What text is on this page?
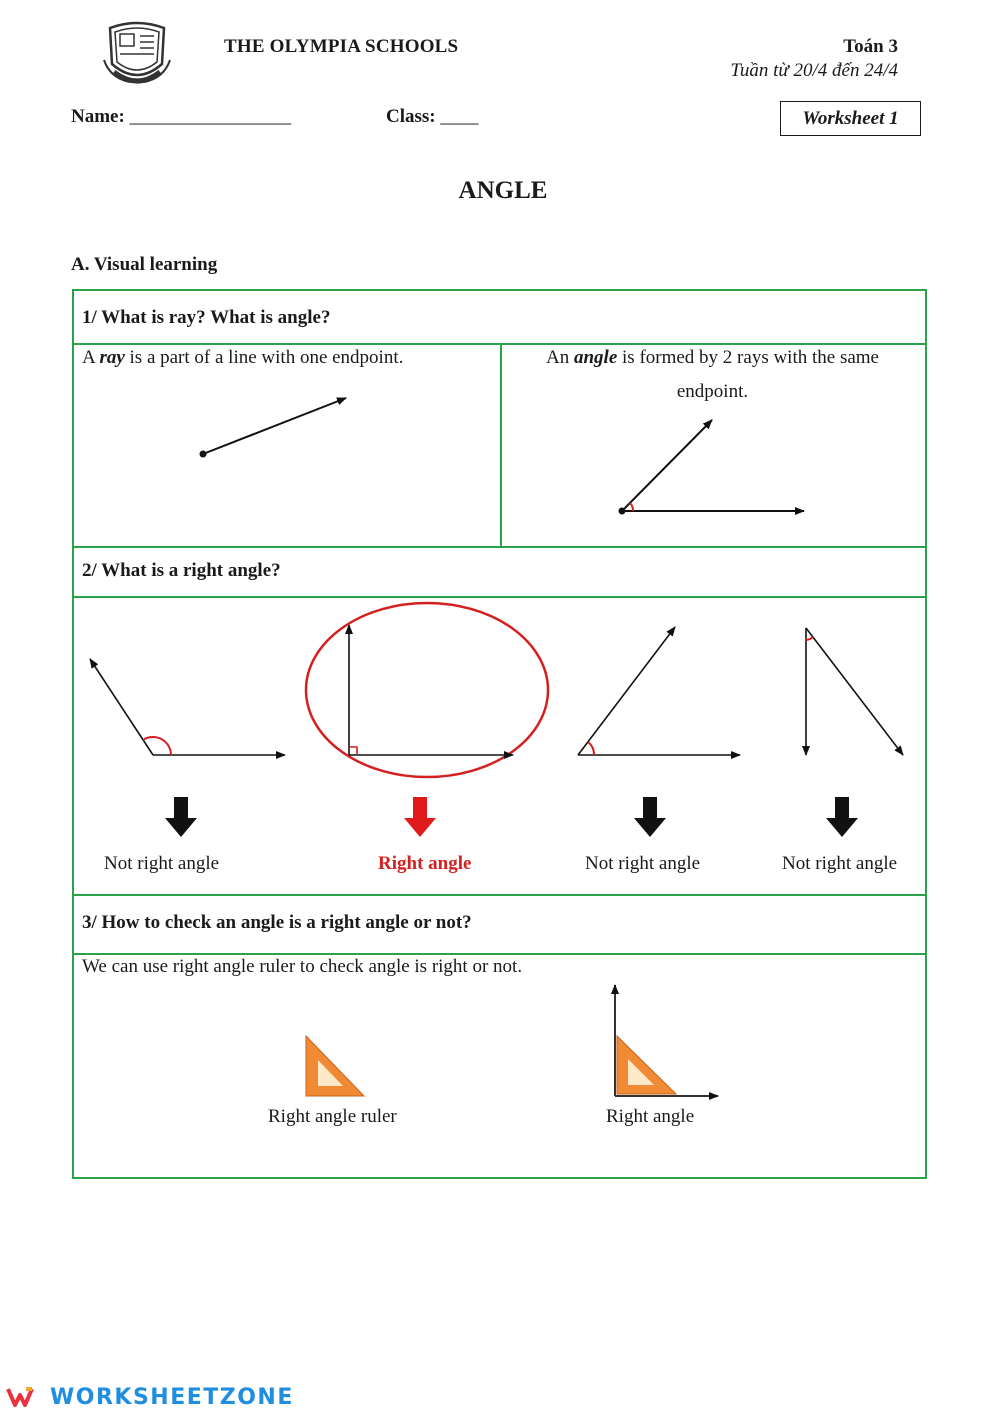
THE OLYMPIA SCHOOLS	Toán 3
Tuần từ 20/4 đến 24/4
Name: _________________	Class: ____	Worksheet 1
ANGLE
A. Visual learning
1/ What is ray? What is angle?
A ray is a part of a line with one endpoint.	An angle is formed by 2 rays with the same
endpoint.
2/ What is a right angle?
Not right angle	Right angle	Not right angle	Not right angle
3/ How to check an angle is a right angle or not?
We can use right angle ruler to check angle is right or not.
Right angle ruler	Right angle
WORKSHEETZONE
